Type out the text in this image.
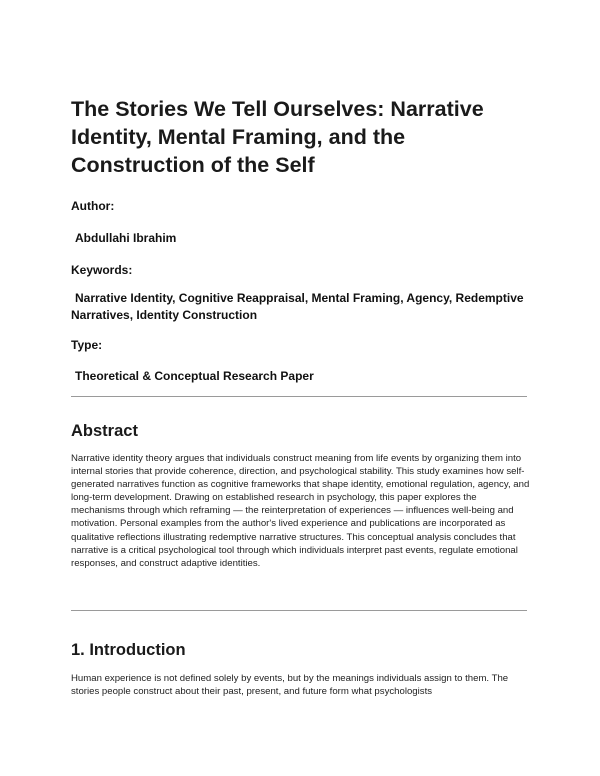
The Stories We Tell Ourselves: Narrative Identity, Mental Framing, and the Construction of the Self

Author:

Abdullahi Ibrahim

Keywords:

Narrative Identity, Cognitive Reappraisal, Mental Framing, Agency, Redemptive Narratives, Identity Construction

Type:

Theoretical & Conceptual Research Paper

Abstract

Narrative identity theory argues that individuals construct meaning from life events by organizing them into internal stories that provide coherence, direction, and psychological stability. This study examines how self-generated narratives function as cognitive frameworks that shape identity, emotional regulation, agency, and long-term development. Drawing on established research in psychology, this paper explores the mechanisms through which reframing — the reinterpretation of experiences — influences well-being and motivation. Personal examples from the author's lived experience and publications are incorporated as qualitative reflections illustrating redemptive narrative structures. This conceptual analysis concludes that narrative is a critical psychological tool through which individuals interpret past events, regulate emotional responses, and construct adaptive identities.

1. Introduction

Human experience is not defined solely by events, but by the meanings individuals assign to them. The stories people construct about their past, present, and future form what psychologists
